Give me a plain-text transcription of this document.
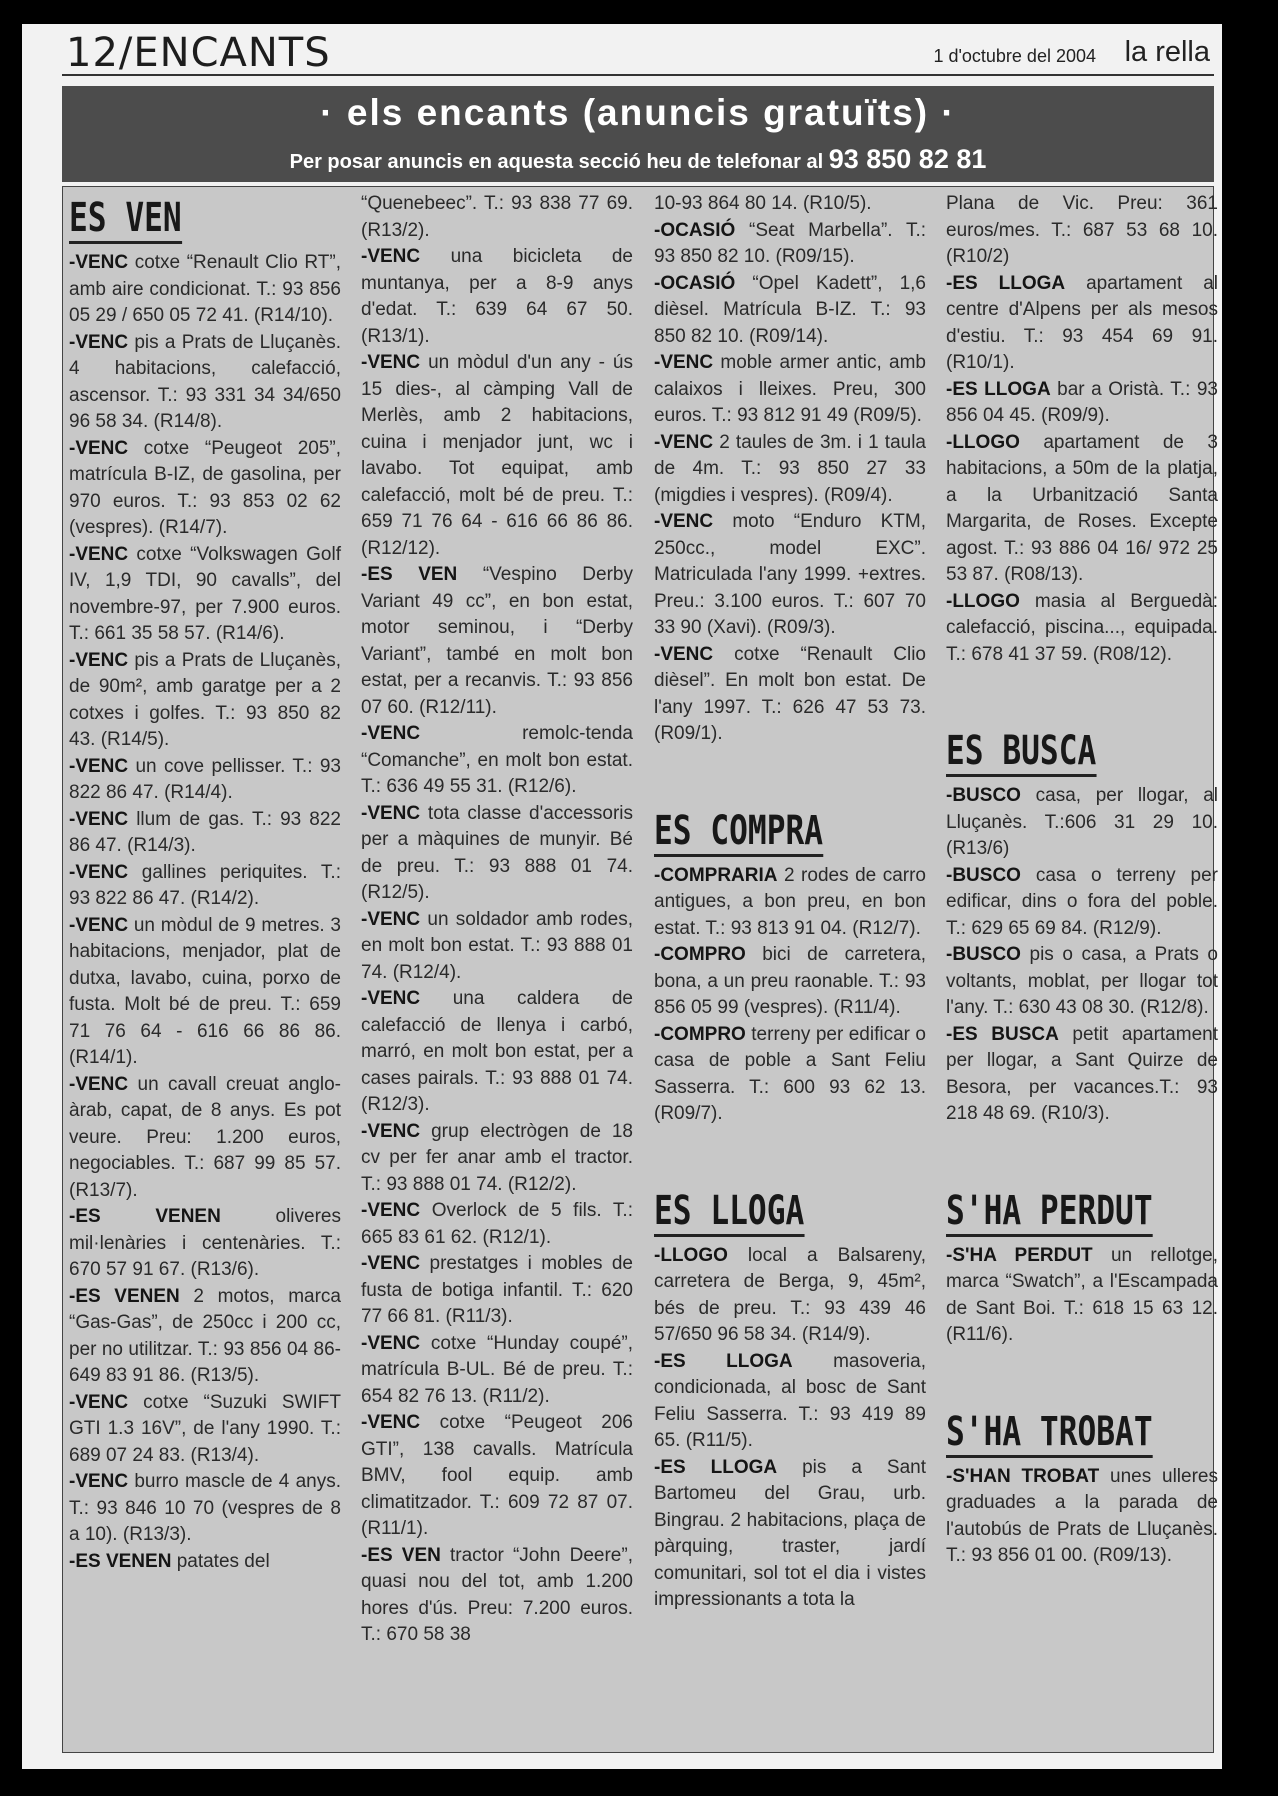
12/ENCANTS	1 d'octubre del 2004 la rella
· els encants (anuncis gratuïts) ·
Per posar anuncis en aquesta secció heu de telefonar al 93 850 82 81
ES VEN

-VENC cotxe “Renault Clio RT”, amb aire condicionat. T.: 93 856 05 29 / 650 05 72 41. (R14/10).

-VENC pis a Prats de Lluçanès. 4 habitacions, calefacció, ascensor. T.: 93 331 34 34/650 96 58 34. (R14/8).

-VENC cotxe “Peugeot 205”, matrícula B-IZ, de gasolina, per 970 euros. T.: 93 853 02 62 (vespres). (R14/7).

-VENC cotxe “Volkswagen Golf IV, 1,9 TDI, 90 cavalls”, del novembre-97, per 7.900 euros. T.: 661 35 58 57. (R14/6).

-VENC pis a Prats de Lluçanès, de 90m², amb garatge per a 2 cotxes i golfes. T.: 93 850 82 43. (R14/5).

-VENC un cove pellisser. T.: 93 822 86 47. (R14/4).

-VENC llum de gas. T.: 93 822 86 47. (R14/3).

-VENC gallines periquites. T.: 93 822 86 47. (R14/2).

-VENC un mòdul de 9 metres. 3 habitacions, menjador, plat de dutxa, lavabo, cuina, porxo de fusta. Molt bé de preu. T.: 659 71 76 64 - 616 66 86 86. (R14/1).

-VENC un cavall creuat anglo-àrab, capat, de 8 anys. Es pot veure. Preu: 1.200 euros, negociables. T.: 687 99 85 57. (R13/7).

-ES VENEN oliveres mil·lenàries i centenàries. T.: 670 57 91 67. (R13/6).

-ES VENEN 2 motos, marca “Gas-Gas”, de 250cc i 200 cc, per no utilitzar. T.: 93 856 04 86-649 83 91 86. (R13/5).

-VENC cotxe “Suzuki SWIFT GTI 1.3 16V”, de l'any 1990. T.: 689 07 24 83. (R13/4).

-VENC burro mascle de 4 anys. T.: 93 846 10 70 (vespres de 8 a 10). (R13/3).

-ES VENEN patates del

“Quenebeec”. T.: 93 838 77 69. (R13/2).

-VENC una bicicleta de muntanya, per a 8-9 anys d'edat. T.: 639 64 67 50. (R13/1).

-VENC un mòdul d'un any - ús 15 dies-, al càmping Vall de Merlès, amb 2 habitacions, cuina i menjador junt, wc i lavabo. Tot equipat, amb calefacció, molt bé de preu. T.: 659 71 76 64 - 616 66 86 86. (R12/12).

-ES VEN “Vespino Derby Variant 49 cc”, en bon estat, motor seminou, i “Derby Variant”, també en molt bon estat, per a recanvis. T.: 93 856 07 60. (R12/11).

-VENC remolc-tenda “Comanche”, en molt bon estat. T.: 636 49 55 31. (R12/6).

-VENC tota classe d'accessoris per a màquines de munyir. Bé de preu. T.: 93 888 01 74. (R12/5).

-VENC un soldador amb rodes, en molt bon estat. T.: 93 888 01 74. (R12/4).

-VENC una caldera de calefacció de llenya i carbó, marró, en molt bon estat, per a cases pairals. T.: 93 888 01 74. (R12/3).

-VENC grup electrògen de 18 cv per fer anar amb el tractor. T.: 93 888 01 74. (R12/2).

-VENC Overlock de 5 fils. T.: 665 83 61 62. (R12/1).

-VENC prestatges i mobles de fusta de botiga infantil. T.: 620 77 66 81. (R11/3).

-VENC cotxe “Hunday coupé”, matrícula B-UL. Bé de preu. T.: 654 82 76 13. (R11/2).

-VENC cotxe “Peugeot 206 GTI”, 138 cavalls. Matrícula BMV, fool equip. amb climatitzador. T.: 609 72 87 07. (R11/1).

-ES VEN tractor “John Deere”, quasi nou del tot, amb 1.200 hores d'ús. Preu: 7.200 euros. T.: 670 58 38

10-93 864 80 14. (R10/5).

-OCASIÓ “Seat Marbella”. T.: 93 850 82 10. (R09/15).

-OCASIÓ “Opel Kadett”, 1,6 dièsel. Matrícula B-IZ. T.: 93 850 82 10. (R09/14).

-VENC moble armer antic, amb calaixos i lleixes. Preu, 300 euros. T.: 93 812 91 49 (R09/5).

-VENC 2 taules de 3m. i 1 taula de 4m. T.: 93 850 27 33 (migdies i vespres). (R09/4).

-VENC moto “Enduro KTM, 250cc., model EXC”. Matriculada l'any 1999. +extres. Preu.: 3.100 euros. T.: 607 70 33 90 (Xavi). (R09/3).

-VENC cotxe “Renault Clio dièsel”. En molt bon estat. De l'any 1997. T.: 626 47 53 73. (R09/1).

ES COMPRA

-COMPRARIA 2 rodes de carro antigues, a bon preu, en bon estat. T.: 93 813 91 04. (R12/7).

-COMPRO bici de carretera, bona, a un preu raonable. T.: 93 856 05 99 (vespres). (R11/4).

-COMPRO terreny per edificar o casa de poble a Sant Feliu Sasserra. T.: 600 93 62 13. (R09/7).

ES LLOGA

-LLOGO local a Balsareny, carretera de Berga, 9, 45m², bés de preu. T.: 93 439 46 57/650 96 58 34. (R14/9).

-ES LLOGA masoveria, condicionada, al bosc de Sant Feliu Sasserra. T.: 93 419 89 65. (R11/5).

-ES LLOGA pis a Sant Bartomeu del Grau, urb. Bingrau. 2 habitacions, plaça de pàrquing, traster, jardí comunitari, sol tot el dia i vistes impressionants a tota la

Plana de Vic. Preu: 361 euros/mes. T.: 687 53 68 10. (R10/2)

-ES LLOGA apartament al centre d'Alpens per als mesos d'estiu. T.: 93 454 69 91. (R10/1).

-ES LLOGA bar a Oristà. T.: 93 856 04 45. (R09/9).

-LLOGO apartament de 3 habitacions, a 50m de la platja, a la Urbanització Santa Margarita, de Roses. Excepte agost. T.: 93 886 04 16/ 972 25 53 87. (R08/13).

-LLOGO masia al Berguedà: calefacció, piscina..., equipada. T.: 678 41 37 59. (R08/12).

ES BUSCA

-BUSCO casa, per llogar, al Lluçanès. T.:606 31 29 10. (R13/6)

-BUSCO casa o terreny per edificar, dins o fora del poble. T.: 629 65 69 84. (R12/9).

-BUSCO pis o casa, a Prats o voltants, moblat, per llogar tot l'any. T.: 630 43 08 30. (R12/8).

-ES BUSCA petit apartament per llogar, a Sant Quirze de Besora, per vacances.T.: 93 218 48 69. (R10/3).

S'HA PERDUT

-S'HA PERDUT un rellotge, marca “Swatch”, a l'Escampada de Sant Boi. T.: 618 15 63 12. (R11/6).

S'HA TROBAT

-S'HAN TROBAT unes ulleres graduades a la parada de l'autobús de Prats de Lluçanès. T.: 93 856 01 00. (R09/13).
